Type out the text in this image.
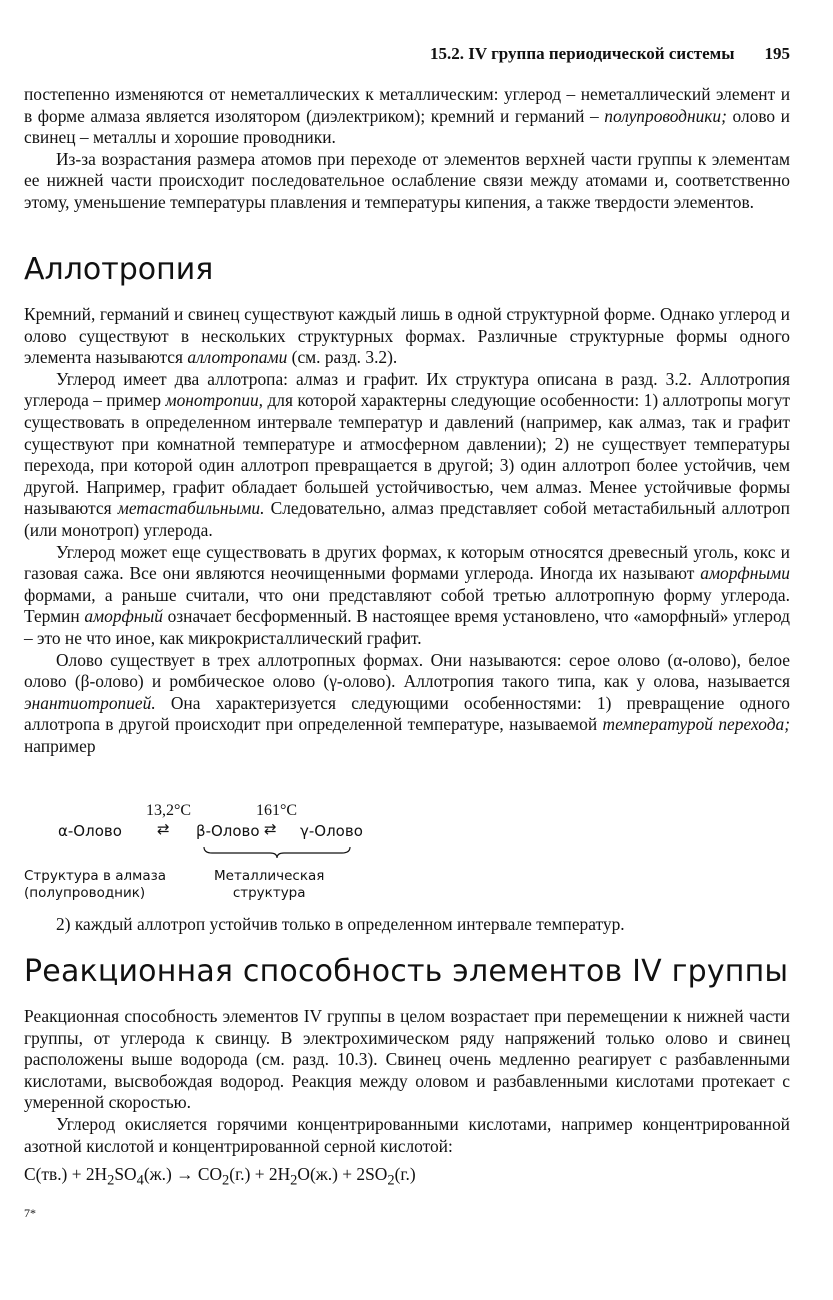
15.2. IV группа периодической системы 195

постепенно изменяются от неметаллических к металлическим: углерод – неметаллический элемент и в форме алмаза является изолятором (диэлектриком); кремний и германий – полупроводники; олово и свинец – металлы и хорошие проводники.

Из-за возрастания размера атомов при переходе от элементов верхней части группы к элементам ее нижней части происходит последовательное ослабление связи между атомами и, соответственно этому, уменьшение температуры плавления и температуры кипения, а также твердости элементов.

Аллотропия

Кремний, германий и свинец существуют каждый лишь в одной структурной форме. Однако углерод и олово существуют в нескольких структурных формах. Различные структурные формы одного элемента называются аллотропами (см. разд. 3.2).

Углерод имеет два аллотропа: алмаз и графит. Их структура описана в разд. 3.2. Аллотропия углерода – пример монотропии, для которой характерны следующие особенности: 1) аллотропы могут существовать в определенном интервале температур и давлений (например, как алмаз, так и графит существуют при комнатной температуре и атмосферном давлении); 2) не существует температуры перехода, при которой один аллотроп превращается в другой; 3) один аллотроп более устойчив, чем другой. Например, графит обладает большей устойчивостью, чем алмаз. Менее устойчивые формы называются метастабильными. Следовательно, алмаз представляет собой метастабильный аллотроп (или монотроп) углерода.

Углерод может еще существовать в других формах, к которым относятся древесный уголь, кокс и газовая сажа. Все они являются неочищенными формами углерода. Иногда их называют аморфными формами, а раньше считали, что они представляют собой третью аллотропную форму углерода. Термин аморфный означает бесформенный. В настоящее время установлено, что «аморфный» углерод – это не что иное, как микрокристаллический графит.

Олово существует в трех аллотропных формах. Они называются: серое олово (α-олово), белое олово (β-олово) и ромбическое олово (γ-олово). Аллотропия такого типа, как у олова, называется энантиотропией. Она характеризуется следующими особенностями: 1) превращение одного аллотропа в другой происходит при определенной температуре, называемой температурой перехода; например

13,2°C	161°C
α-Олово ⇄ β-Олово ⇄ γ-Олово
Структура в алмаза
(полупроводник)
Металлическая
структура

2) каждый аллотроп устойчив только в определенном интервале температур.

Реакционная способность элементов IV группы

Реакционная способность элементов IV группы в целом возрастает при перемещении к нижней части группы, от углерода к свинцу. В электрохимическом ряду напряжений только олово и свинец расположены выше водорода (см. разд. 10.3). Свинец очень медленно реагирует с разбавленными кислотами, высвобождая водород. Реакция между оловом и разбавленными кислотами протекает с умеренной скоростью.

Углерод окисляется горячими концентрированными кислотами, например концентрированной азотной кислотой и концентрированной серной кислотой:

$C(тв.) + 2H_2SO_4(ж.) \to CO_2(г.) + 2H_2O(ж.) + 2SO_2(г.)$
7*
